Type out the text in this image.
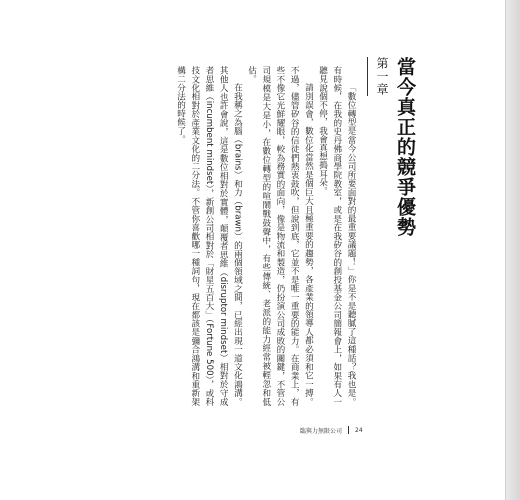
當今真正的競爭優勢
第一章

「數位轉型是當今公司所要面對的最重要議題！」你是不是聽膩了這種話？我也是。有時候，在我的史丹佛商學院教室，或是在我矽谷的創投基金公司簡報會上，如果有人一聽見說個不停，我會真想搗耳朵。

請別誤會，數位化當然是個巨大且極重要的趨勢，各產業的領導人都必須和它一搏。不過，儘管矽谷的信徒們熱衷鼓吹，但說到底，它並不是唯一重要的能力。在商業上，有些不像它光鮮耀眼，較為務實的面向，像是物流和製造，仍扮演公司成敗的關鍵，不管公司規模是大是小，在數位轉型的喧鬧戰鼓聲中，有些傳統、老派的能力經常被輕忽和低估。

在我稱之為腦（brains）和力（brawn）的兩個領域之間，已經出現一道文化鴻溝。其他人也許會說，這是數位相對於實體，顛覆者思維（disruptor mindset）相對於守成者思維（incumbent mindset），新創公司相對於「財星五百大」（Fortune 500），或科技文化相對於產業文化的二分法。不管你喜歡哪一種詞句，現在都該是彌合鴻溝和重新架構二分法的時候了。

臨與力無限公司 24
